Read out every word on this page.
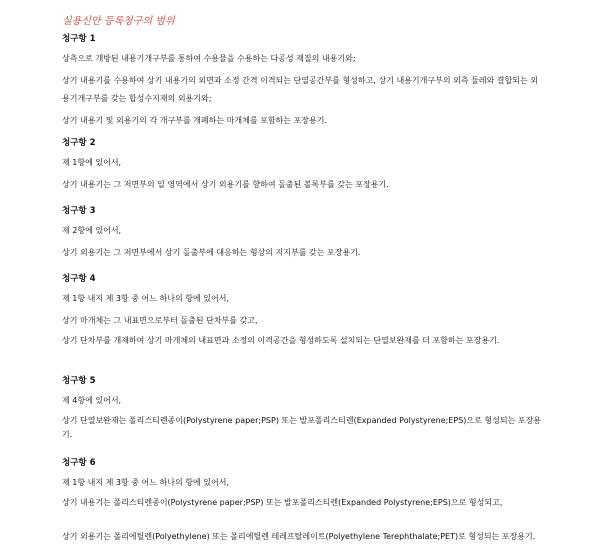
실용신안 등록청구의 범위
청구항 1
상측으로 개방된 내용기개구부를 통하여 수용물을 수용하는 다공성 재질의 내용기와;
상기 내용기를 수용하여 상기 내용기의 외면과 소정 간격 이격되는 단열공간부를 형성하고, 상기 내용기개구부의 외측 둘레와 결합되는 외용기개구부를 갖는 합성수지재의 외용기와;
상기 내용기 및 외용기의 각 개구부를 개폐하는 마개체를 포함하는 포장용기.
청구항 2
제 1항에 있어서,
상기 내용기는 그 저면부의 일 영역에서 상기 외용기를 향하여 돌출된 볼록부를 갖는 포장용기.
청구항 3
제 2항에 있어서,
상기 외용기는 그 저면부에서 상기 돌출부에 대응하는 형상의 지지부를 갖는 포장용기.
청구항 4
제 1항 내지 제 3항 중 어느 하나의 항에 있어서,
상기 마개체는 그 내표면으로부터 돌출된 단차부를 갖고,
상기 단차부를 개재하여 상기 마개체의 내표면과 소정의 이격공간을 형성하도록 설치되는 단열보완재를 더 포함하는 포장용기.
청구항 5
제 4항에 있어서,
상기 단열보완재는 폴리스티렌종이(Polystyrene paper;PSP) 또는 발포폴리스티렌(Expanded Polystyrene;EPS)으로 형성되는 포장용기.
청구항 6
제 1항 내지 제 3항 중 어느 하나의 항에 있어서,
상기 내용기는 폴리스티렌종이(Polystyrene paper;PSP) 또는 발포폴리스티렌(Expanded Polystyrene;EPS)으로 형성되고,
상기 외용기는 폴리에틸렌(Polyethylene) 또는 폴리에틸렌 테레프탈레이트(Polyethylene Terephthalate;PET)로 형성되는 포장용기.
